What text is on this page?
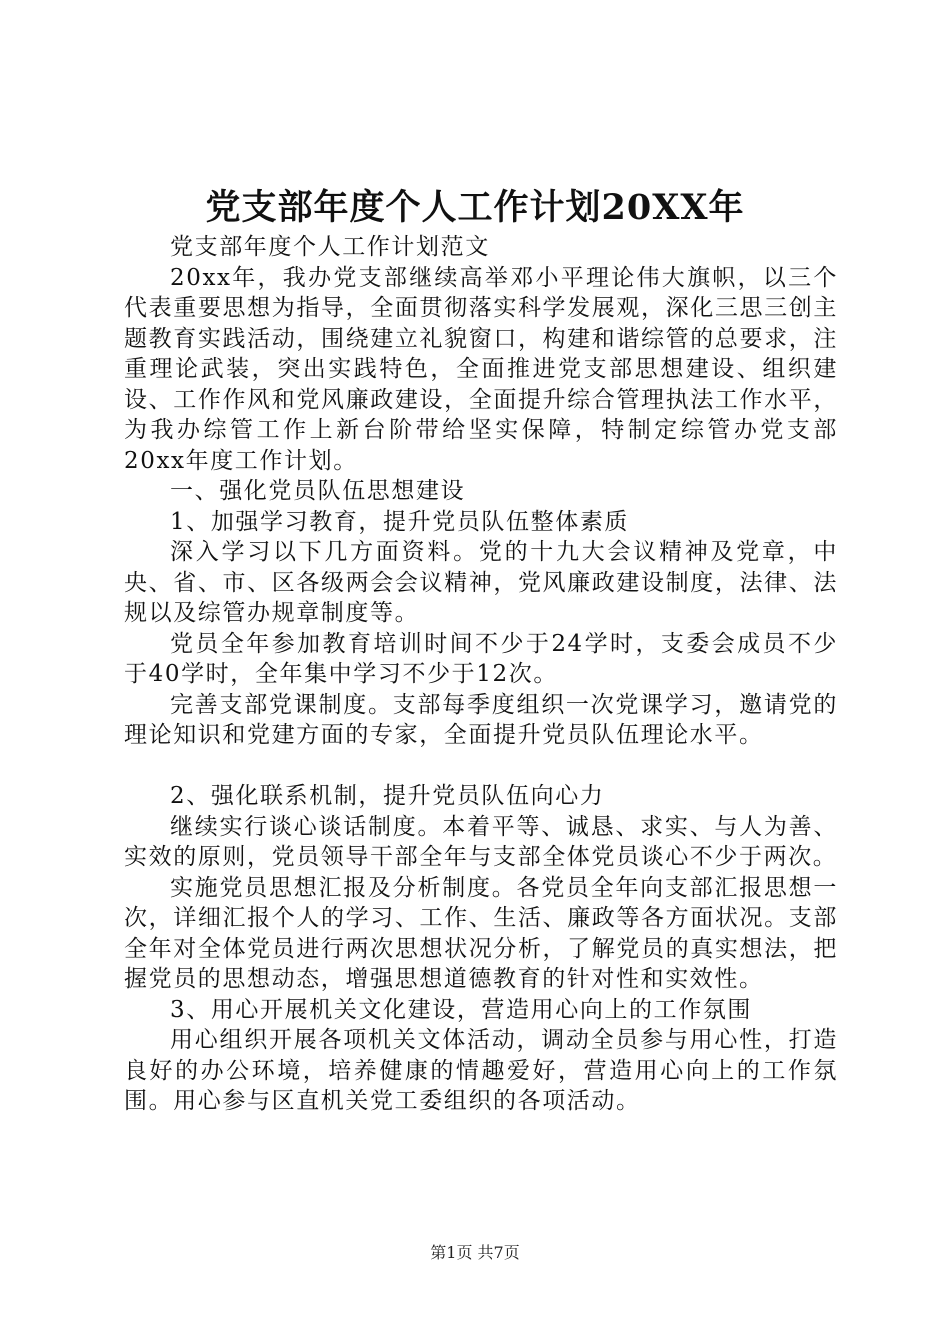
党支部年度个人工作计划20XX年

党支部年度个人工作计划范文

20xx年，我办党支部继续高举邓小平理论伟大旗帜，以三个代表重要思想为指导，全面贯彻落实科学发展观，深化三思三创主题教育实践活动，围绕建立礼貌窗口，构建和谐综管的总要求，注重理论武装，突出实践特色，全面推进党支部思想建设、组织建设、工作作风和党风廉政建设，全面提升综合管理执法工作水平，为我办综管工作上新台阶带给坚实保障，特制定综管办党支部20xx年度工作计划。

一、强化党员队伍思想建设

1、加强学习教育，提升党员队伍整体素质

深入学习以下几方面资料。党的十九大会议精神及党章，中央、省、市、区各级两会会议精神，党风廉政建设制度，法律、法规以及综管办规章制度等。

党员全年参加教育培训时间不少于24学时，支委会成员不少于40学时，全年集中学习不少于12次。

完善支部党课制度。支部每季度组织一次党课学习，邀请党的理论知识和党建方面的专家，全面提升党员队伍理论水平。

2、强化联系机制，提升党员队伍向心力

继续实行谈心谈话制度。本着平等、诚恳、求实、与人为善、实效的原则，党员领导干部全年与支部全体党员谈心不少于两次。

实施党员思想汇报及分析制度。各党员全年向支部汇报思想一次，详细汇报个人的学习、工作、生活、廉政等各方面状况。支部全年对全体党员进行两次思想状况分析，了解党员的真实想法，把握党员的思想动态，增强思想道德教育的针对性和实效性。

3、用心开展机关文化建设，营造用心向上的工作氛围

用心组织开展各项机关文体活动，调动全员参与用心性，打造良好的办公环境，培养健康的情趣爱好，营造用心向上的工作氛围。用心参与区直机关党工委组织的各项活动。

第1页 共7页
